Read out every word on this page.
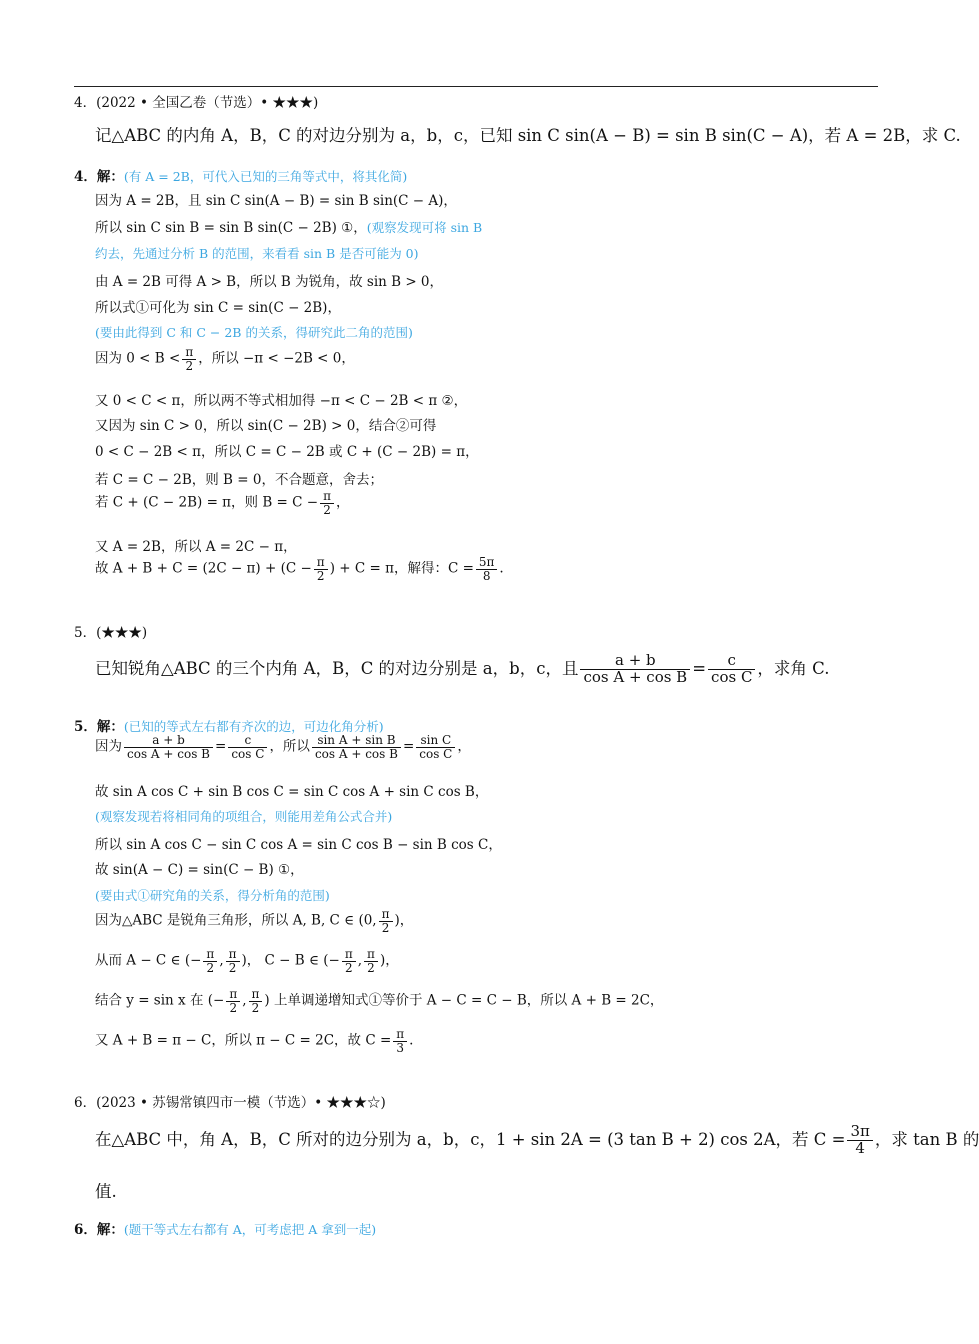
4．(2022 • 全国乙卷（节选）• ★★★)
记△ABC 的内角 A，B，C 的对边分别为 a，b，c，已知 sin C sin(A − B) = sin B sin(C − A)，若 A = 2B，求 C.
4．解：(有 A = 2B，可代入已知的三角等式中，将其化简)
因为 A = 2B，且 sin C sin(A − B) = sin B sin(C − A)，
所以 sin C sin B = sin B sin(C − 2B) ①，(观察发现可将 sin B
约去，先通过分析 B 的范围，来看看 sin B 是否可能为 0)
由 A = 2B 可得 A > B，所以 B 为锐角，故 sin B > 0，
所以式①可化为 sin C = sin(C − 2B)，
(要由此得到 C 和 C − 2B 的关系，得研究此二角的范围)
因为 $0 < B < \frac{\pi}{2}$ ，所以 −π < −2B < 0，
又 0 < C < π，所以两不等式相加得 −π < C − 2B < π ②，
又因为 sin C > 0，所以 sin(C − 2B) > 0，结合②可得
0 < C − 2B < π，所以 C = C − 2B 或 C + (C − 2B) = π，
若 C = C − 2B，则 B = 0，不合题意，舍去；
若 C + (C − 2B) = π，则 $B = C - \frac{\pi}{2}$ ，
又 A = 2B，所以 A = 2C − π，
故 $A + B + C = (2C - \pi) + (C - \frac{\pi}{2}$ ) + C = π，解得：$C = \frac{5\pi}{8}$ .
5．(★★★)
已知锐角△ABC 的三个内角 A，B，C 的对边分别是 a，b，c，且 $\frac{a + b}{\text{cos A + cos B}} = \frac{c}{\text{cos C}}$ ，求角 C.
5．解：(已知的等式左右都有齐次的边，可边化角分析)
因为 $\frac{a + b}{\text{cos A + cos B}} = \frac{c}{\text{cos C}}$ ，所以 $\frac{\text{sin A + sin B}}{\text{cos A + cos B}} = \frac{\text{sin C}}{\text{cos C}}$ ，
故 sin A cos C + sin B cos C = sin C cos A + sin C cos B，
(观察发现若将相同角的项组合，则能用差角公式合并)
所以 sin A cos C − sin C cos A = sin C cos B − sin B cos C，
故 sin(A − C) = sin(C − B) ①，
(要由式①研究角的关系，得分析角的范围)
因为△ABC 是锐角三角形，所以 A, B, C ∈ (0, $\frac{\pi}{2}$ )，
从而 A − C ∈ (− $\frac{\pi}{2}$ , $\frac{\pi}{2}$ )， C − B ∈ (− $\frac{\pi}{2}$ , $\frac{\pi}{2}$ )，
结合 y = sin x 在 (− $\frac{\pi}{2}$ , $\frac{\pi}{2}$ ) 上单调递增知式①等价于 A − C = C − B，所以 A + B = 2C，
又 A + B = π − C，所以 π − C = 2C，故 $C = \frac{\pi}{3}$ .
6．(2023 • 苏锡常镇四市一模（节选）• ★★★☆)
在△ABC 中，角 A，B，C 所对的边分别为 a，b，c，1 + sin 2A = (3 tan B + 2) cos 2A，若 $C = \frac{3\pi}{4}$ ，求 tan B 的
值.
6．解：(题干等式左右都有 A，可考虑把 A 拿到一起)
